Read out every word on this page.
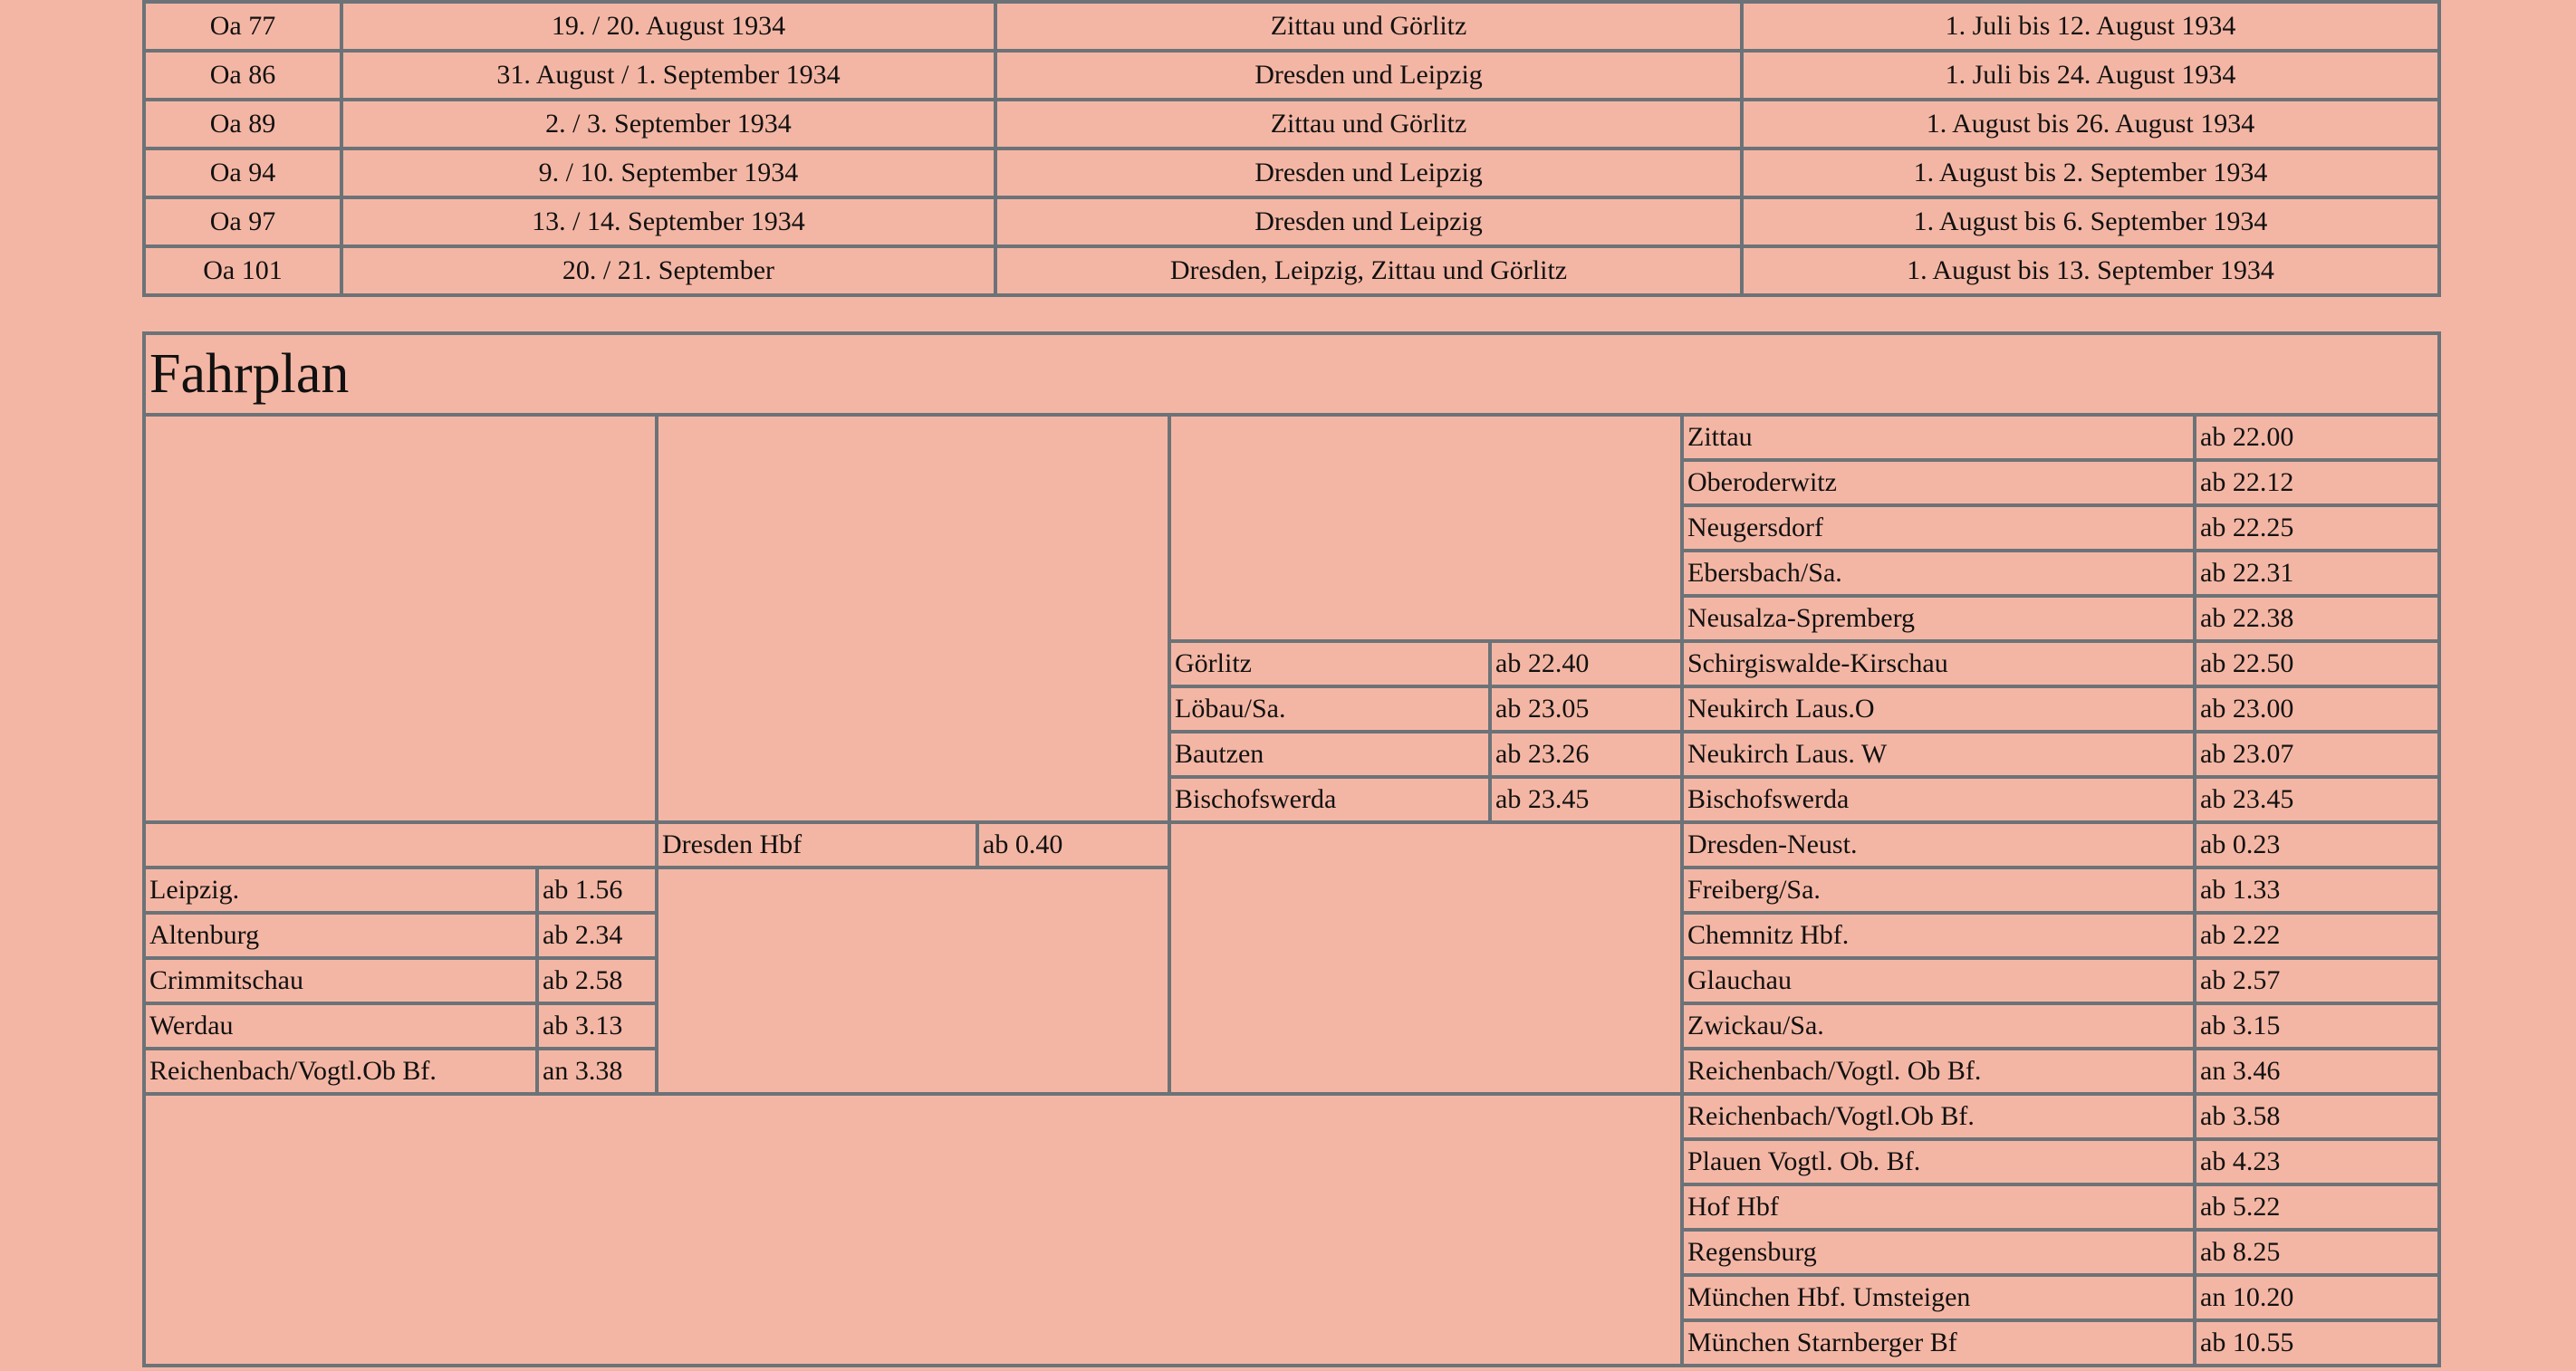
Oa 77	19. / 20. August 1934	Zittau und Görlitz	1. Juli bis 12. August 1934
Oa 86	31. August / 1. September 1934	Dresden und Leipzig	1. Juli bis 24. August 1934
Oa 89	2. / 3. September 1934	Zittau und Görlitz	1. August bis 26. August 1934
Oa 94	9. / 10. September 1934	Dresden und Leipzig	1. August bis 2. September 1934
Oa 97	13. / 14. September 1934	Dresden und Leipzig	1. August bis 6. September 1934
Oa 101	20. / 21. September	Dresden, Leipzig, Zittau und Görlitz	1. August bis 13. September 1934
Fahrplan							
						Zittau	ab 22.00
						Oberoderwitz	ab 22.12
						Neugersdorf	ab 22.25
						Ebersbach/Sa.	ab 22.31
						Neusalza-Spremberg	ab 22.38
				Görlitz	ab 22.40	Schirgiswalde-Kirschau	ab 22.50
				Löbau/Sa.	ab 23.05	Neukirch Laus.O	ab 23.00
				Bautzen	ab 23.26	Neukirch Laus. W	ab 23.07
				Bischofswerda	ab 23.45	Bischofswerda	ab 23.45
		Dresden Hbf	ab 0.40			Dresden-Neust.	ab 0.23
Leipzig.	ab 1.56					Freiberg/Sa.	ab 1.33
Altenburg	ab 2.34					Chemnitz Hbf.	ab 2.22
Crimmitschau	ab 2.58					Glauchau	ab 2.57
Werdau	ab 3.13					Zwickau/Sa.	ab 3.15
Reichenbach/Vogtl.Ob Bf.	an 3.38					Reichenbach/Vogtl. Ob Bf.	an 3.46
						Reichenbach/Vogtl.Ob Bf.	ab 3.58
						Plauen Vogtl. Ob. Bf.	ab 4.23
						Hof Hbf	ab 5.22
						Regensburg	ab 8.25
						München Hbf. Umsteigen	an 10.20
						München Starnberger Bf	ab 10.55
